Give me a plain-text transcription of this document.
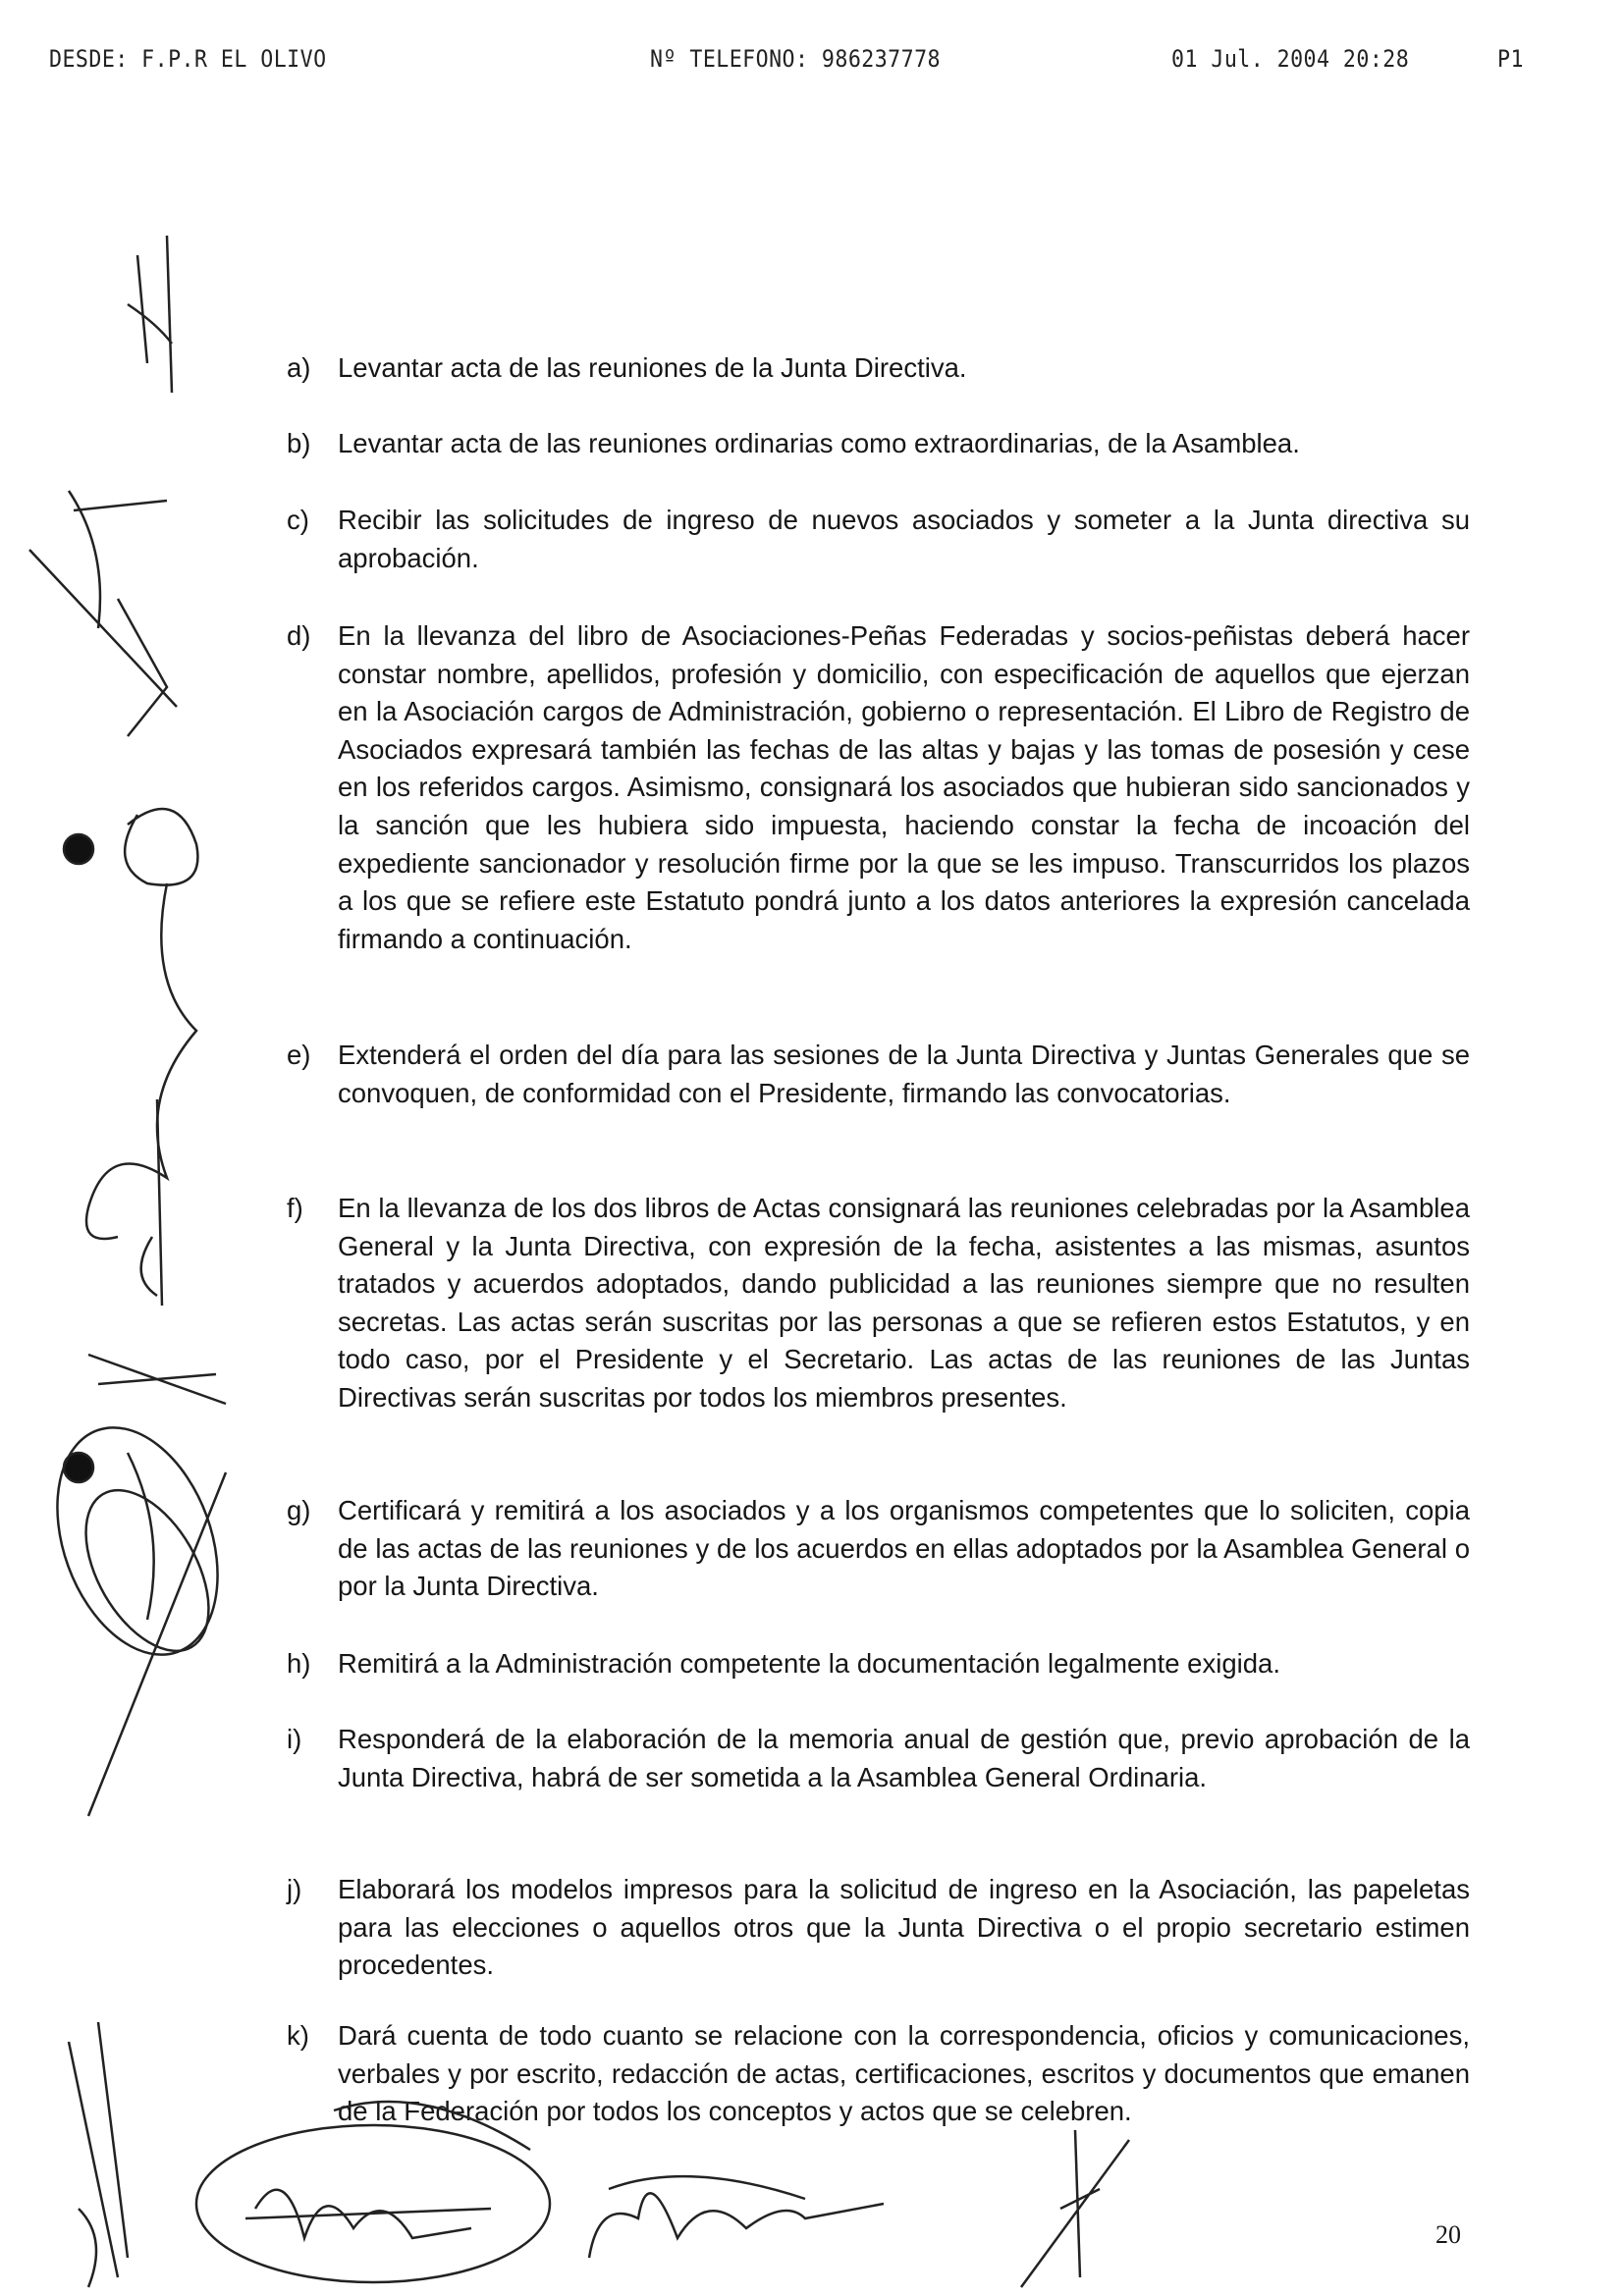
DESDE: F.P.R EL OLIVO	Nº TELEFONO: 986237778	01 Jul. 2004 20:28	P1
a) Levantar acta de las reuniones de la Junta Directiva.
b) Levantar acta de las reuniones ordinarias como extraordinarias, de la Asamblea.
c) Recibir las solicitudes de ingreso de nuevos asociados y someter a la Junta directiva su aprobación.
d) En la llevanza del libro de Asociaciones-Peñas Federadas y socios-peñistas deberá hacer constar nombre, apellidos, profesión y domicilio, con especificación de aquellos que ejerzan en la Asociación cargos de Administración, gobierno o representación. El Libro de Registro de Asociados expresará también las fechas de las altas y bajas y las tomas de posesión y cese en los referidos cargos. Asimismo, consignará los asociados que hubieran sido sancionados y la sanción que les hubiera sido impuesta, haciendo constar la fecha de incoación del expediente sancionador y resolución firme por la que se les impuso. Transcurridos los plazos a los que se refiere este Estatuto pondrá junto a los datos anteriores la expresión cancelada firmando a continuación.
e) Extenderá el orden del día para las sesiones de la Junta Directiva y Juntas Generales que se convoquen, de conformidad con el Presidente, firmando las convocatorias.
f) En la llevanza de los dos libros de Actas consignará las reuniones celebradas por la Asamblea General y la Junta Directiva, con expresión de la fecha, asistentes a las mismas, asuntos tratados y acuerdos adoptados, dando publicidad a las reuniones siempre que no resulten secretas. Las actas serán suscritas por las personas a que se refieren estos Estatutos, y en todo caso, por el Presidente y el Secretario. Las actas de las reuniones de las Juntas Directivas serán suscritas por todos los miembros presentes.
g) Certificará y remitirá a los asociados y a los organismos competentes que lo soliciten, copia de las actas de las reuniones y de los acuerdos en ellas adoptados por la Asamblea General o por la Junta Directiva.
h) Remitirá a la Administración competente la documentación legalmente exigida.
i) Responderá de la elaboración de la memoria anual de gestión que, previo aprobación de la Junta Directiva, habrá de ser sometida a la Asamblea General Ordinaria.
j) Elaborará los modelos impresos para la solicitud de ingreso en la Asociación, las papeletas para las elecciones o aquellos otros que la Junta Directiva o el propio secretario estimen procedentes.
k) Dará cuenta de todo cuanto se relacione con la correspondencia, oficios y comunicaciones, verbales y por escrito, redacción de actas, certificaciones, escritos y documentos que emanen de la Federación por todos los conceptos y actos que se celebren.
20
